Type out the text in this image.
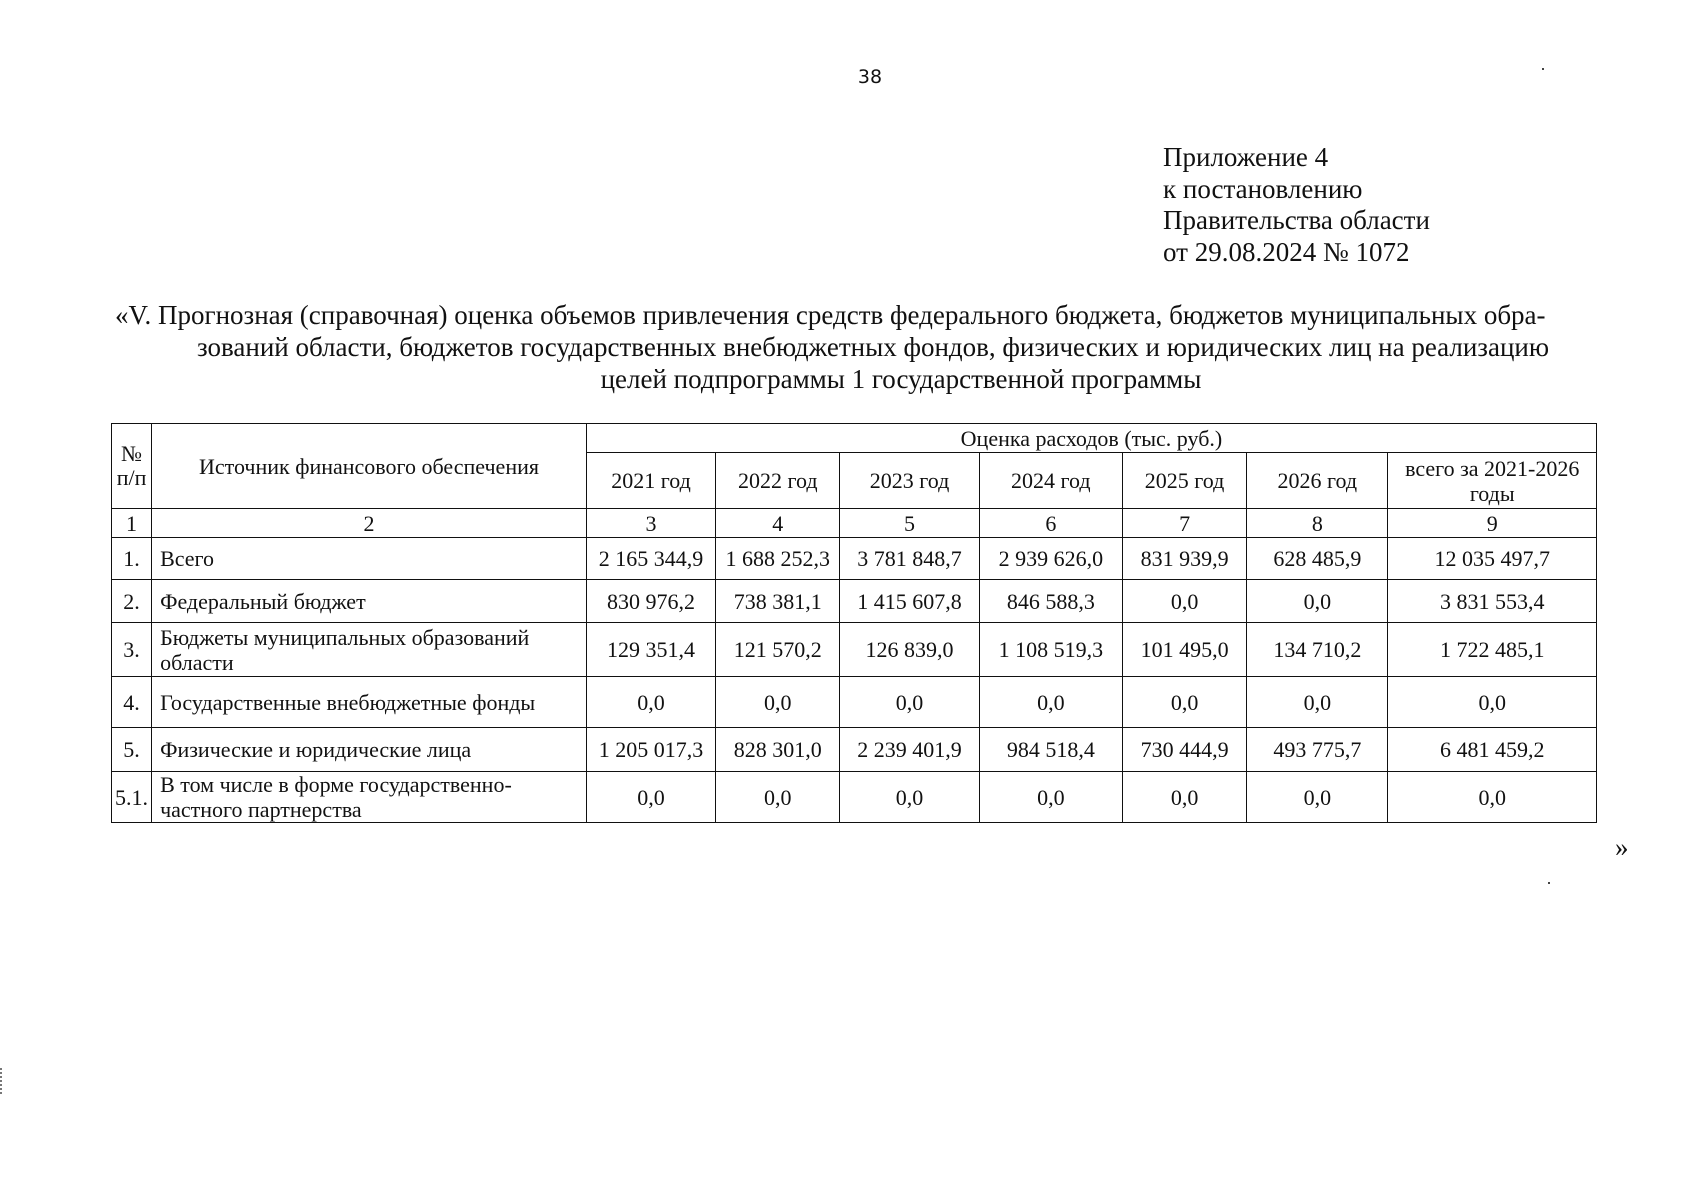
38
Приложение 4
к постановлению
Правительства области
от 29.08.2024 № 1072
«V. Прогнозная (справочная) оценка объемов привлечения средств федерального бюджета, бюджетов муниципальных обра-
зований области, бюджетов государственных внебюджетных фондов, физических и юридических лиц на реализацию
целей подпрограммы 1 государственной программы
№ п/п	Источник финансового обеспечения	Оценка расходов (тыс. руб.)						
		2021 год	2022 год	2023 год	2024 год	2025 год	2026 год	всего за 2021-2026 годы
1	2	3	4	5	6	7	8	9
1.	Всего	2 165 344,9	1 688 252,3	3 781 848,7	2 939 626,0	831 939,9	628 485,9	12 035 497,7
2.	Федеральный бюджет	830 976,2	738 381,1	1 415 607,8	846 588,3	0,0	0,0	3 831 553,4
3.	Бюджеты муниципальных образований области	129 351,4	121 570,2	126 839,0	1 108 519,3	101 495,0	134 710,2	1 722 485,1
4.	Государственные внебюджетные фонды	0,0	0,0	0,0	0,0	0,0	0,0	0,0
5.	Физические и юридические лица	1 205 017,3	828 301,0	2 239 401,9	984 518,4	730 444,9	493 775,7	6 481 459,2
5.1.	В том числе в форме государственно-частного партнерства	0,0	0,0	0,0	0,0	0,0	0,0	0,0
»
